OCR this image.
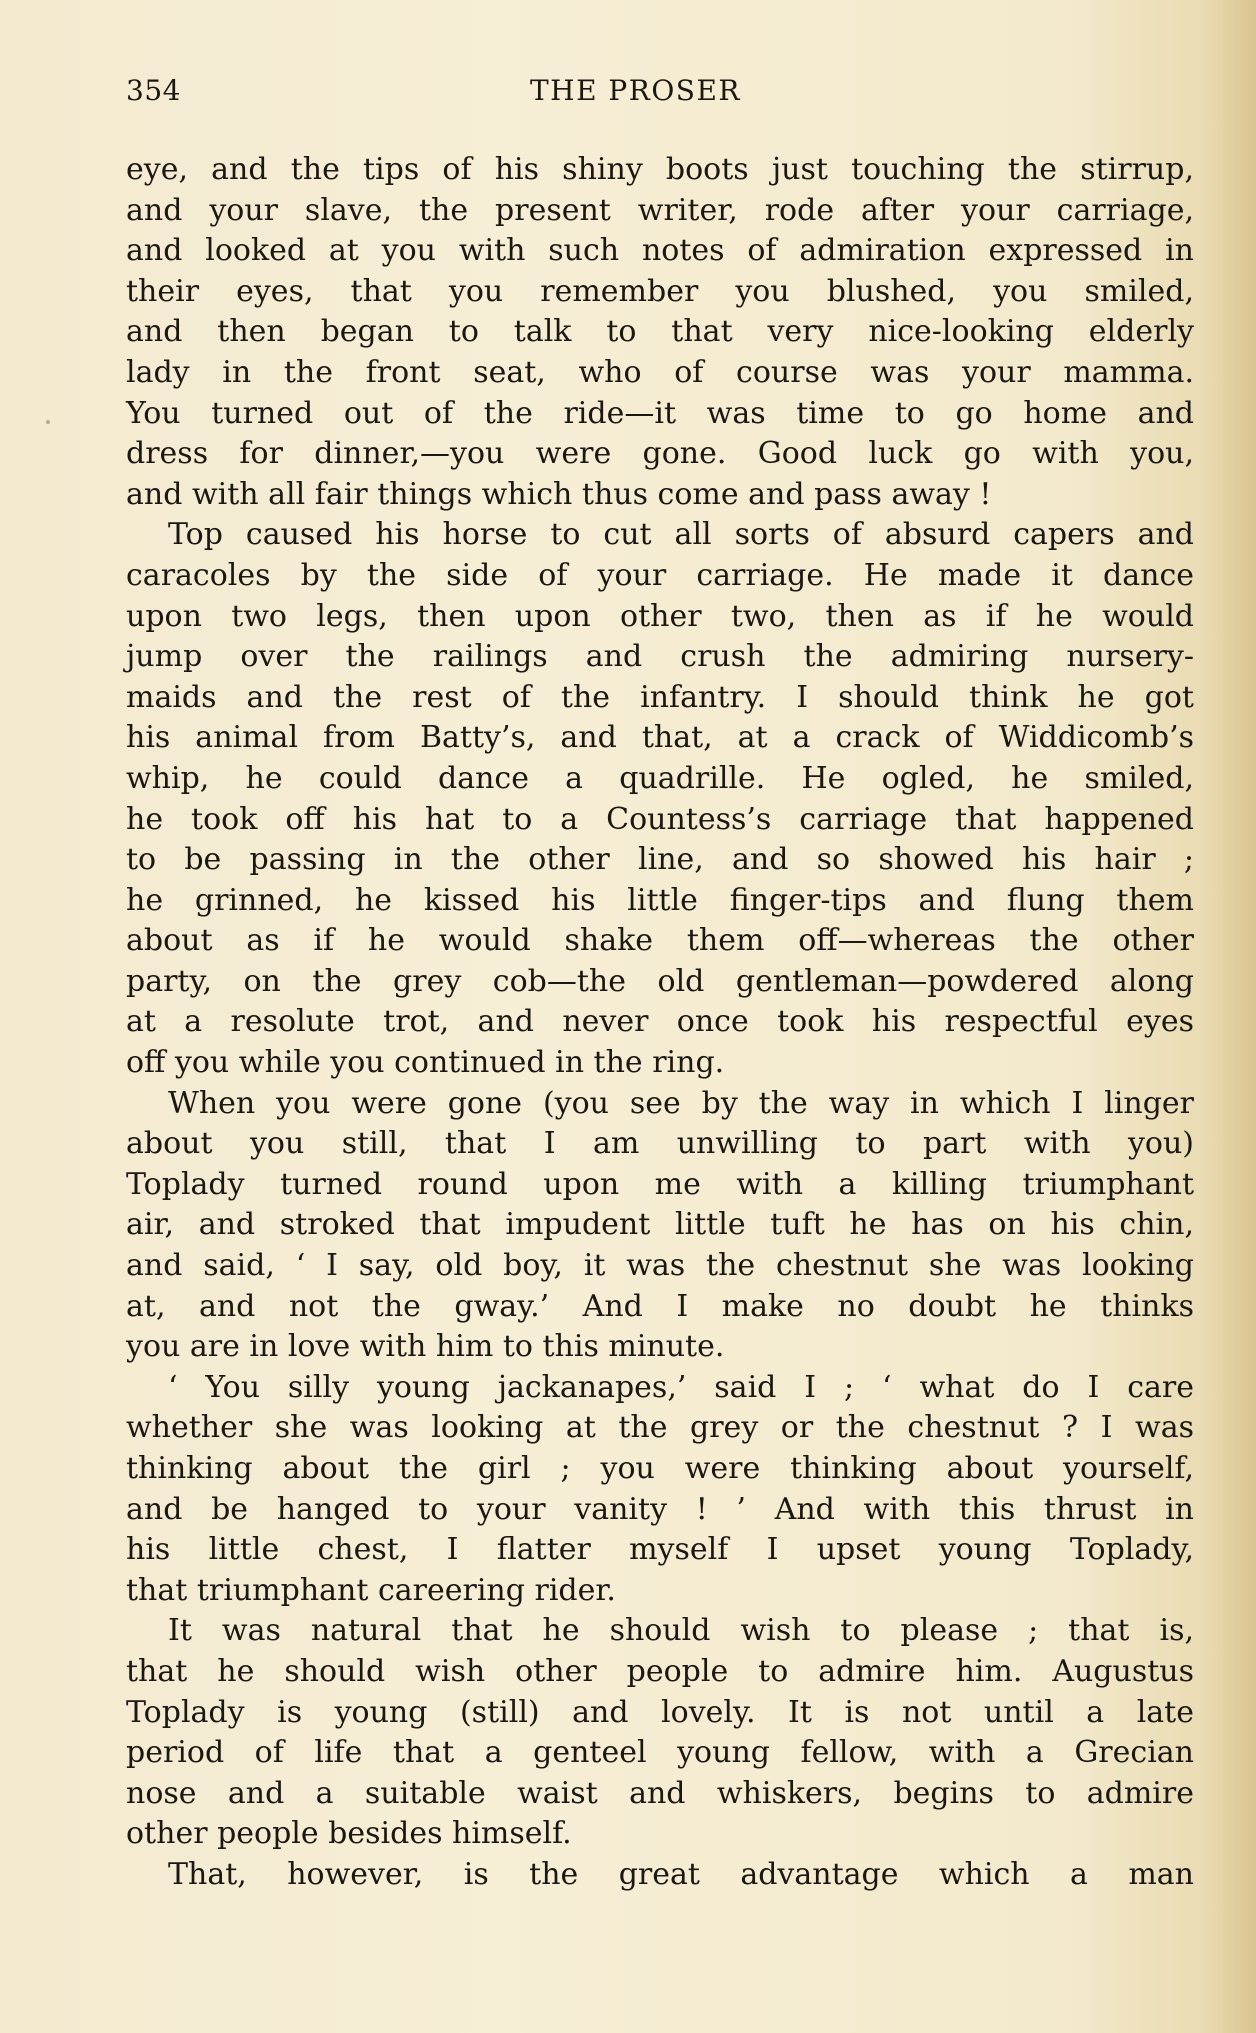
354	THE PROSER
eye, and the tips of his shiny boots just touching the stirrup,
and your slave, the present writer, rode after your carriage,
and looked at you with such notes of admiration expressed in
their eyes, that you remember you blushed, you smiled,
and then began to talk to that very nice-looking elderly
lady in the front seat, who of course was your mamma.
You turned out of the ride—it was time to go home and
dress for dinner,—you were gone. Good luck go with you,
and with all fair things which thus come and pass away !
Top caused his horse to cut all sorts of absurd capers and
caracoles by the side of your carriage. He made it dance
upon two legs, then upon other two, then as if he would
jump over the railings and crush the admiring nursery-
maids and the rest of the infantry. I should think he got
his animal from Batty’s, and that, at a crack of Widdicomb’s
whip, he could dance a quadrille. He ogled, he smiled,
he took off his hat to a Countess’s carriage that happened
to be passing in the other line, and so showed his hair ;
he grinned, he kissed his little finger-tips and flung them
about as if he would shake them off—whereas the other
party, on the grey cob—the old gentleman—powdered along
at a resolute trot, and never once took his respectful eyes
off you while you continued in the ring.
When you were gone (you see by the way in which I linger
about you still, that I am unwilling to part with you)
Toplady turned round upon me with a killing triumphant
air, and stroked that impudent little tuft he has on his chin,
and said, ‘ I say, old boy, it was the chestnut she was looking
at, and not the gway.’ And I make no doubt he thinks
you are in love with him to this minute.
‘ You silly young jackanapes,’ said I ; ‘ what do I care
whether she was looking at the grey or the chestnut ? I was
thinking about the girl ; you were thinking about yourself,
and be hanged to your vanity ! ’ And with this thrust in
his little chest, I flatter myself I upset young Toplady,
that triumphant careering rider.
It was natural that he should wish to please ; that is,
that he should wish other people to admire him. Augustus
Toplady is young (still) and lovely. It is not until a late
period of life that a genteel young fellow, with a Grecian
nose and a suitable waist and whiskers, begins to admire
other people besides himself.
That, however, is the great advantage which a man
